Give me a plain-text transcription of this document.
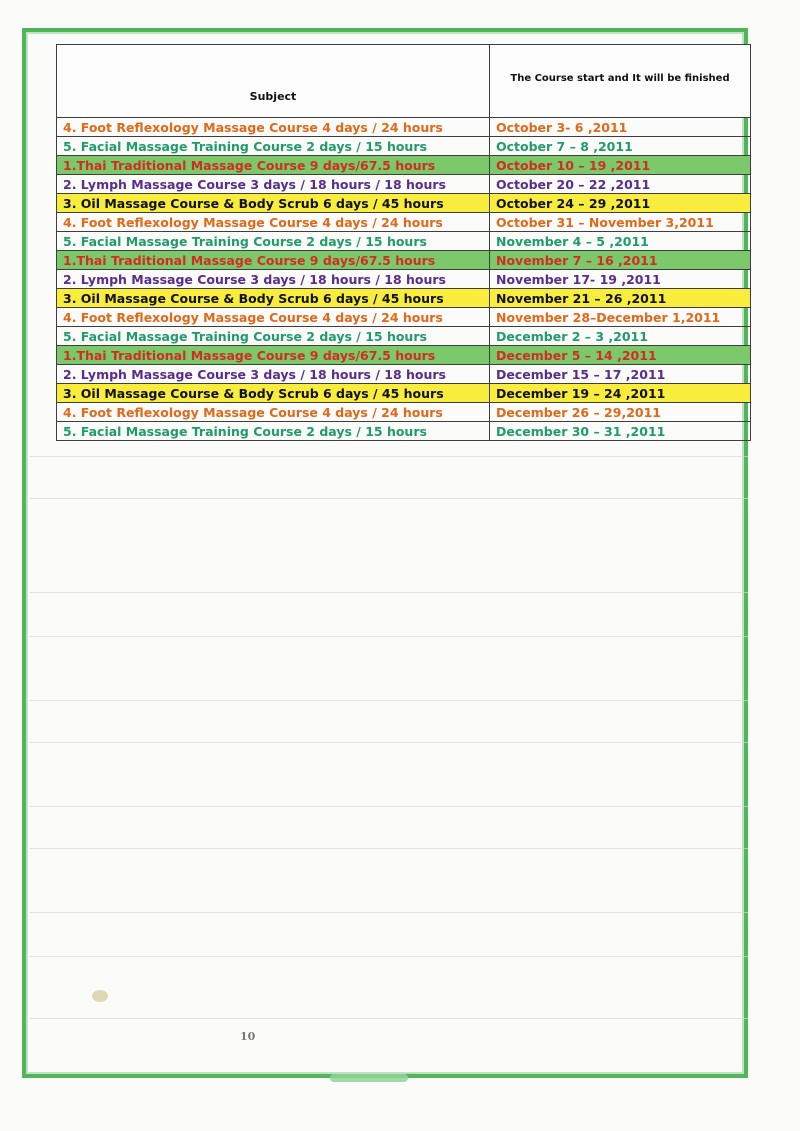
Subject	The Course start and It will be finished
4. Foot Reflexology Massage Course 4 days / 24 hours	October 3- 6 ,2011
5. Facial Massage Training Course 2 days / 15 hours	October 7 – 8 ,2011
1.Thai Traditional Massage Course 9 days/67.5 hours	October 10 – 19 ,2011
2. Lymph Massage Course 3 days / 18 hours / 18 hours	October 20 – 22 ,2011
3. Oil Massage Course & Body Scrub 6 days / 45 hours	October 24 – 29 ,2011
4. Foot Reflexology Massage Course 4 days / 24 hours	October 31 – November 3,2011
5. Facial Massage Training Course 2 days / 15 hours	November 4 – 5 ,2011
1.Thai Traditional Massage Course 9 days/67.5 hours	November 7 – 16 ,2011
2. Lymph Massage Course 3 days / 18 hours / 18 hours	November 17- 19 ,2011
3. Oil Massage Course & Body Scrub 6 days / 45 hours	November 21 – 26 ,2011
4. Foot Reflexology Massage Course 4 days / 24 hours	November 28–December 1,2011
5. Facial Massage Training Course 2 days / 15 hours	December 2 – 3 ,2011
1.Thai Traditional Massage Course 9 days/67.5 hours	December 5 – 14 ,2011
2. Lymph Massage Course 3 days / 18 hours / 18 hours	December 15 – 17 ,2011
3. Oil Massage Course & Body Scrub 6 days / 45 hours	December 19 – 24 ,2011
4. Foot Reflexology Massage Course 4 days / 24 hours	December 26 – 29,2011
5. Facial Massage Training Course 2 days / 15 hours	December 30 – 31 ,2011
10
